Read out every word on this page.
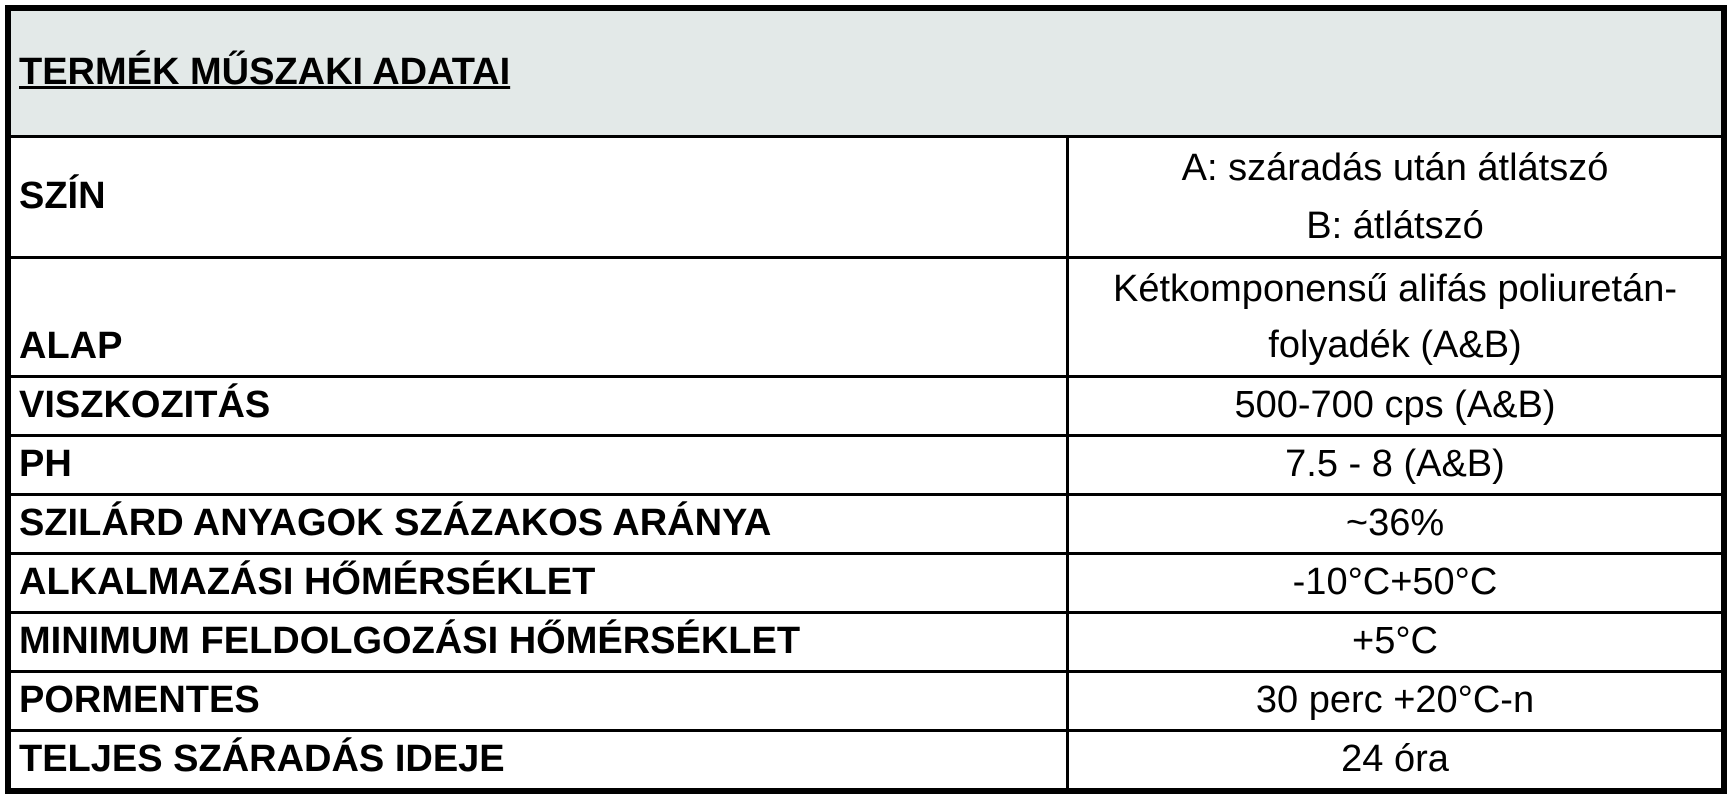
TERMÉK MŰSZAKI ADATAI	
SZÍN	A: száradás után átlátszó
B: átlátszó

ALAP	Kétkomponensű alifás poliuretán-
folyadék (A&B)

VISZKOZITÁS	500-700 cps (A&B)
PH	7.5 - 8 (A&B)
SZILÁRD ANYAGOK SZÁZAKOS ARÁNYA	~36%
ALKALMAZÁSI HŐMÉRSÉKLET	-10°C+50°C
MINIMUM FELDOLGOZÁSI HŐMÉRSÉKLET	+5°C
PORMENTES	30 perc +20°C-n
TELJES SZÁRADÁS IDEJE	24 óra
